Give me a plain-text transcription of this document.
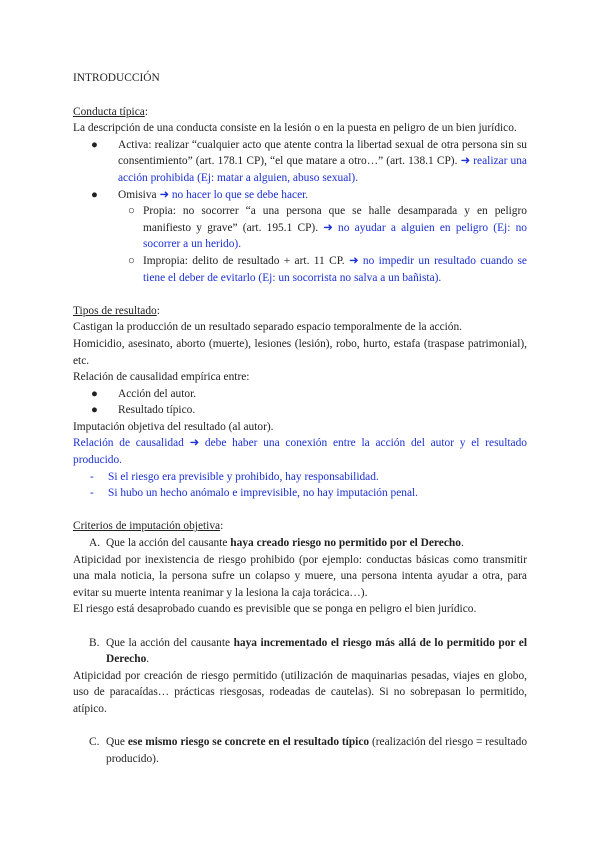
INTRODUCCIÓN

Conducta típica:

La descripción de una conducta consiste en la lesión o en la puesta en peligro de un bien jurídico.

● Activa: realizar “cualquier acto que atente contra la libertad sexual de otra persona sin su consentimiento” (art. 178.1 CP), “el que matare a otro…” (art. 138.1 CP). ➜ realizar una acción prohibida (Ej: matar a alguien, abuso sexual).
● Omisiva ➜ no hacer lo que se debe hacer.
○ Propia: no socorrer “a una persona que se halle desamparada y en peligro manifiesto y grave” (art. 195.1 CP). ➜ no ayudar a alguien en peligro (Ej: no socorrer a un herido).
○ Impropia: delito de resultado + art. 11 CP. ➜ no impedir un resultado cuando se tiene el deber de evitarlo (Ej: un socorrista no salva a un bañista).

Tipos de resultado:

Castigan la producción de un resultado separado espacio temporalmente de la acción.

Homicidio, asesinato, aborto (muerte), lesiones (lesión), robo, hurto, estafa (traspase patrimonial), etc.

Relación de causalidad empírica entre:

● Acción del autor.
● Resultado típico.

Imputación objetiva del resultado (al autor).

Relación de causalidad ➜ debe haber una conexión entre la acción del autor y el resultado producido.

- Si el riesgo era previsible y prohibido, hay responsabilidad.
- Si hubo un hecho anómalo e imprevisible, no hay imputación penal.

Criterios de imputación objetiva:

A. Que la acción del causante haya creado riesgo no permitido por el Derecho.

Atipicidad por inexistencia de riesgo prohibido (por ejemplo: conductas básicas como transmitir una mala noticia, la persona sufre un colapso y muere, una persona intenta ayudar a otra, para evitar su muerte intenta reanimar y la lesiona la caja torácica…).

El riesgo está desaprobado cuando es previsible que se ponga en peligro el bien jurídico.

B. Que la acción del causante haya incrementado el riesgo más allá de lo permitido por el Derecho.

Atipicidad por creación de riesgo permitido (utilización de maquinarias pesadas, viajes en globo, uso de paracaídas… prácticas riesgosas, rodeadas de cautelas). Si no sobrepasan lo permitido, atípico.

C. Que ese mismo riesgo se concrete en el resultado típico (realización del riesgo = resultado producido).
